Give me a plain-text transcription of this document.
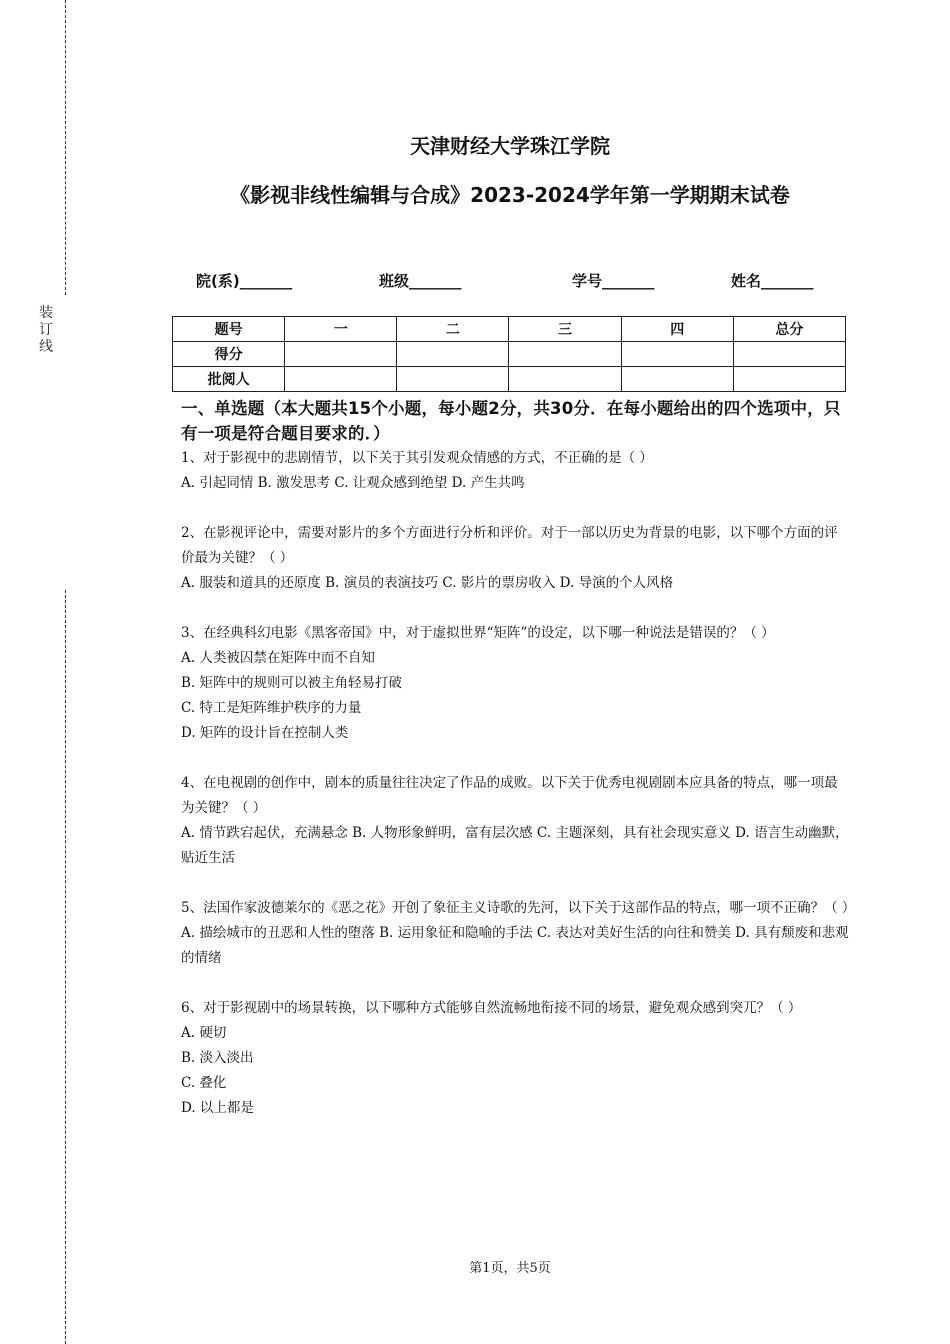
装订线
天津财经大学珠江学院
《影视非线性编辑与合成》2023-2024学年第一学期期末试卷
院(系)_______	班级_______	学号_______	姓名_______
题号	一	二	三	四	总分
得分					
批阅人					
一、单选题（本大题共15个小题，每小题2分，共30分．在每小题给出的四个选项中，只有一项是符合题目要求的．）

1、对于影视中的悲剧情节，以下关于其引发观众情感的方式，不正确的是（ ）

A. 引起同情 B. 激发思考 C. 让观众感到绝望 D. 产生共鸣

2、在影视评论中，需要对影片的多个方面进行分析和评价。对于一部以历史为背景的电影，以下哪个方面的评价最为关键？（ ）

A. 服装和道具的还原度 B. 演员的表演技巧 C. 影片的票房收入 D. 导演的个人风格

3、在经典科幻电影《黑客帝国》中，对于虚拟世界“矩阵”的设定，以下哪一种说法是错误的？（ ）

A. 人类被囚禁在矩阵中而不自知

B. 矩阵中的规则可以被主角轻易打破

C. 特工是矩阵维护秩序的力量

D. 矩阵的设计旨在控制人类

4、在电视剧的创作中，剧本的质量往往决定了作品的成败。以下关于优秀电视剧剧本应具备的特点，哪一项最为关键？（ ）

A. 情节跌宕起伏，充满悬念 B. 人物形象鲜明，富有层次感 C. 主题深刻，具有社会现实意义 D. 语言生动幽默，贴近生活

5、法国作家波德莱尔的《恶之花》开创了象征主义诗歌的先河，以下关于这部作品的特点，哪一项不正确？（ ）

A. 描绘城市的丑恶和人性的堕落 B. 运用象征和隐喻的手法 C. 表达对美好生活的向往和赞美 D. 具有颓废和悲观的情绪

6、对于影视剧中的场景转换，以下哪种方式能够自然流畅地衔接不同的场景，避免观众感到突兀？（ ）

A. 硬切

B. 淡入淡出

C. 叠化

D. 以上都是

第1页，共5页
